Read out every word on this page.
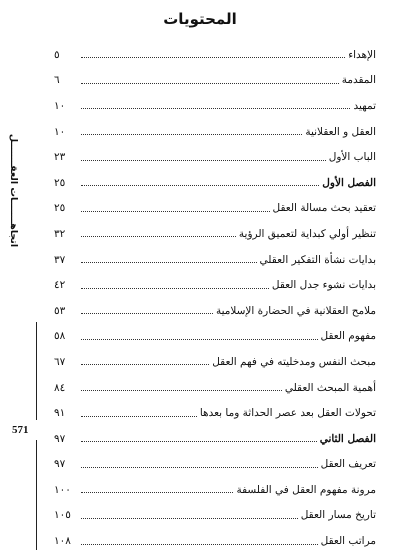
المحتويات
اتجاهـــــــات العقـــــــل
571
الإهداء
٥
المقدمة
٦
تمهيد
١٠
العقل و العقلانية
١٠
الباب الأول
٢٣
الفصل الأول
٢٥
تعقيد بحث مسالة العقل
٢٥
تنظير أولي كبداية لتعميق الرؤية
٣٢
بدايات نشأة التفكير العقلي
٣٧
بدايات نشوء جدل العقل
٤٢
ملامح العقلانية في الحضارة الإسلامية
٥٣
مفهوم العقل
٥٨
مبحث النفس ومدخليته في فهم العقل
٦٧
أهمية المبحث العقلي
٨٤
تحولات العقل بعد عصر الحداثة وما بعدها
٩١
الفصل الثاني
٩٧
تعريف العقل
٩٧
مرونة مفهوم العقل في الفلسفة
١٠٠
تاريخ مسار العقل
١٠٥
مراتب العقل
١٠٨
